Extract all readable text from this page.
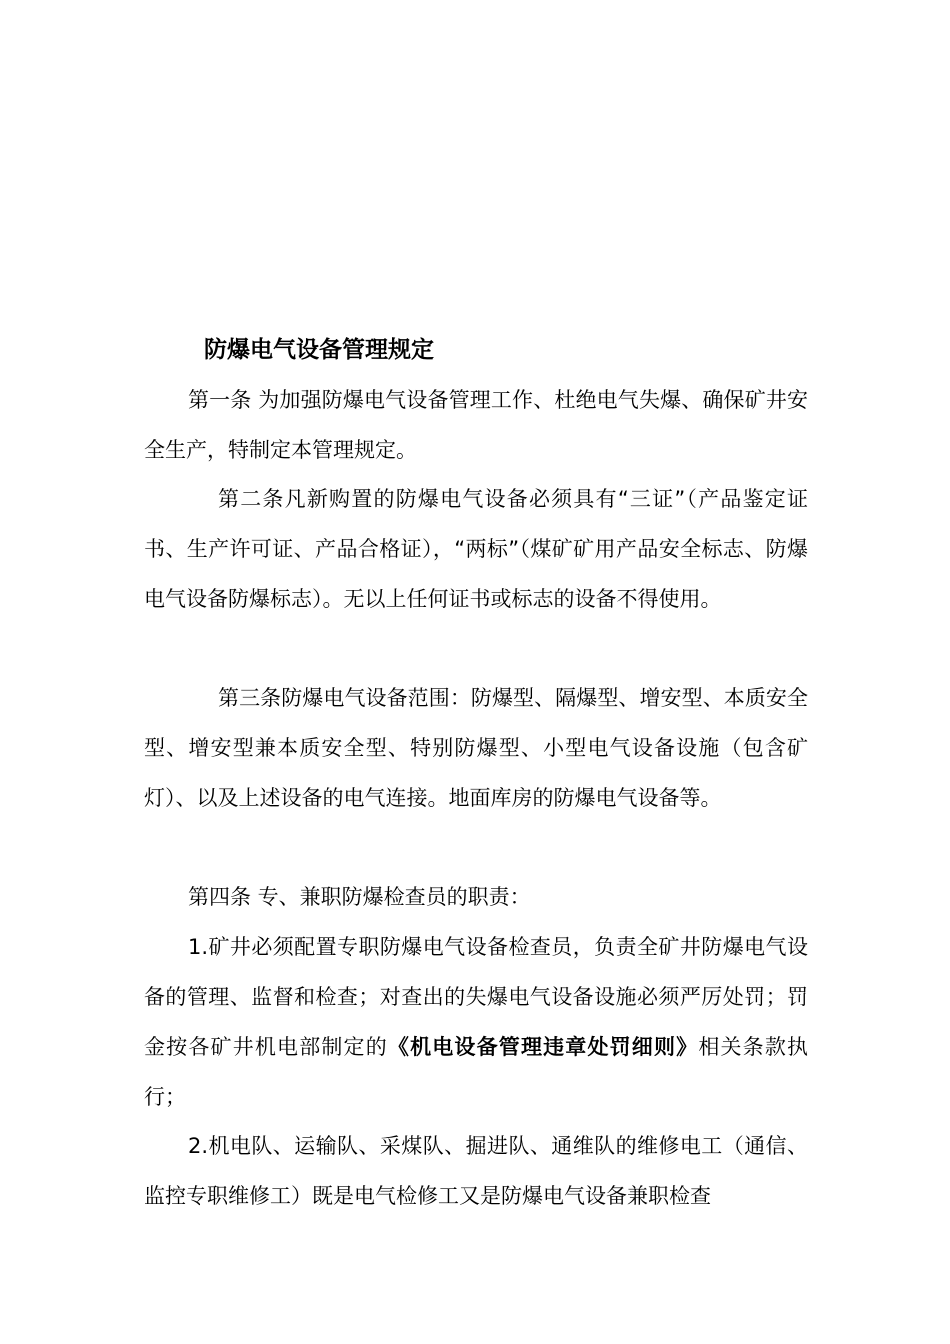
防爆电气设备管理规定

第一条 为加强防爆电气设备管理工作、杜绝电气失爆、确保矿井安全生产，特制定本管理规定。

第二条凡新购置的防爆电气设备必须具有“三证”（产品鉴定证书、生产许可证、产品合格证），“两标”（煤矿矿用产品安全标志、防爆电气设备防爆标志）。无以上任何证书或标志的设备不得使用。

第三条防爆电气设备范围：防爆型、隔爆型、增安型、本质安全型、增安型兼本质安全型、特别防爆型、小型电气设备设施（包含矿灯）、以及上述设备的电气连接。地面库房的防爆电气设备等。

第四条 专、兼职防爆检查员的职责：

1.矿井必须配置专职防爆电气设备检查员，负责全矿井防爆电气设备的管理、监督和检查；对查出的失爆电气设备设施必须严厉处罚；罚金按各矿井机电部制定的《机电设备管理违章处罚细则》相关条款执行；

2.机电队、运输队、采煤队、掘进队、通维队的维修电工（通信、监控专职维修工）既是电气检修工又是防爆电气设备兼职检查
